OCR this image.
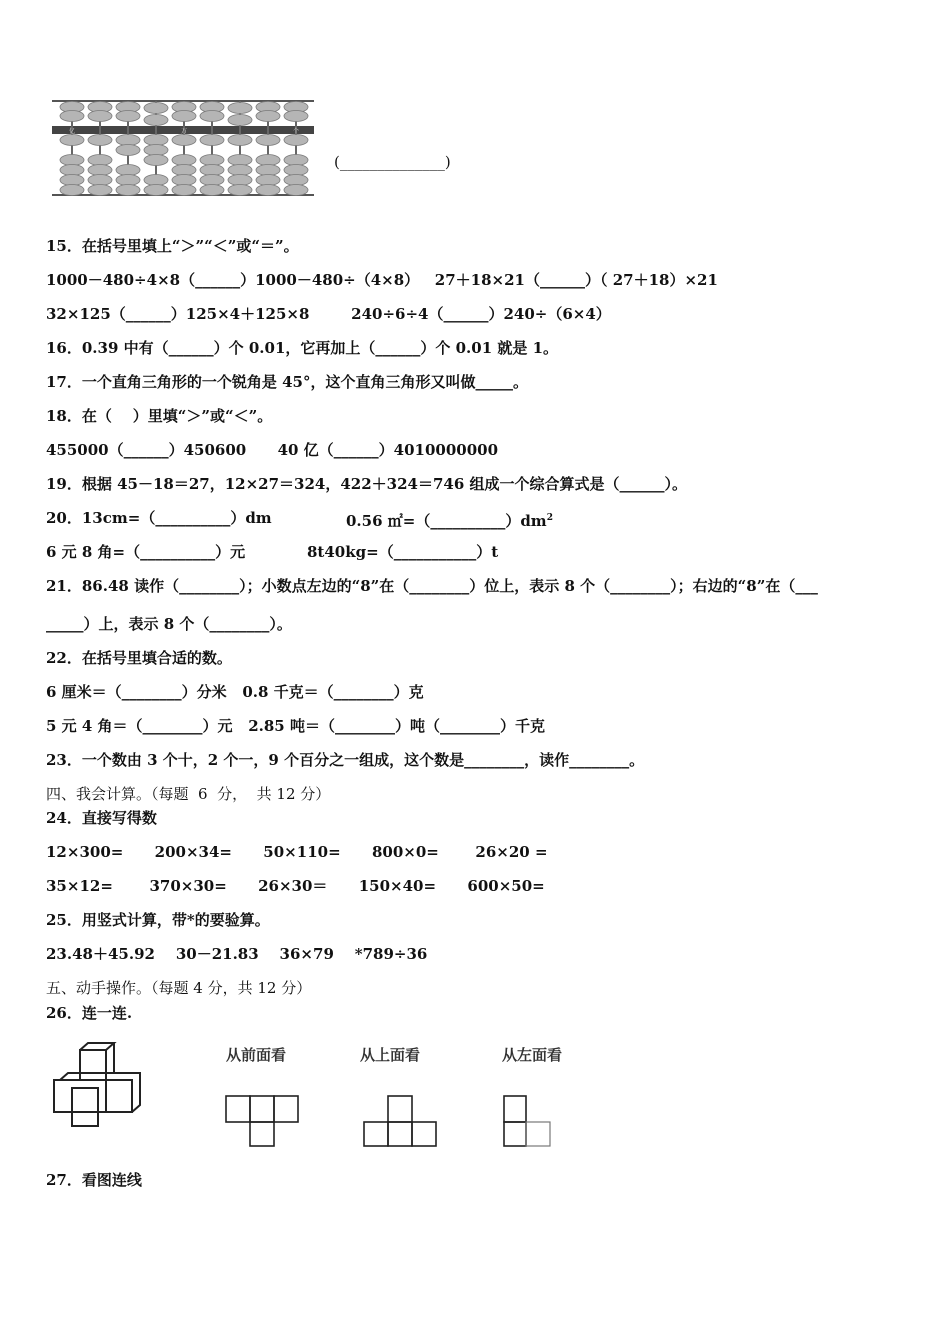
亿	万	个
(______________)
15．在括号里填上“＞”“＜”或“＝”。
1000－480÷4×8（______）1000－480÷（4×8）   27＋18×21（______）（ 27＋18）×21
32×125（______）125×4＋125×8        240÷6÷4（______）240÷（6×4）
16．0.39 中有（______）个 0.01，它再加上（______）个 0.01 就是 1。
17．一个直角三角形的一个锐角是 45°，这个直角三角形又叫做_____。
18．在（    ）里填“＞”或“＜”。
455000（______）450600      40 亿（______）4010000000
19．根据 45－18＝27，12×27＝324，422＋324＝746 组成一个综合算式是（______）。
20．13cm=（__________）dm	0.56 $㎡=(\_\_\_\_\_\_\_\_\_\_)dm^2$
6 元 8 角=（__________）元	8t40kg=（___________）t
21．86.48 读作（________）；小数点左边的“8”在（________）位上，表示 8 个（________）；右边的“8”在（___
_____）上，表示 8 个（________）。
22．在括号里填合适的数。
6 厘米＝（________）分米   0.8 千克＝（________）克
5 元 4 角＝（________）元   2.85 吨＝（________）吨（________）千克
23．一个数由 3 个十，2 个一，9 个百分之一组成，这个数是________，读作________。
四、我会计算。（每题  6  分，  共 12 分）
24．直接写得数
12×300=      200×34=      50×110=      800×0=       26×20 =
35×12=       370×30=      26×30＝      150×40=      600×50=
25．用竖式计算，带*的要验算。
23.48＋45.92    30－21.83    36×79    *789÷36
五、动手操作。（每题 4 分，共 12 分）
26．连一连.
从前面看	从上面看	从左面看
27．看图连线
